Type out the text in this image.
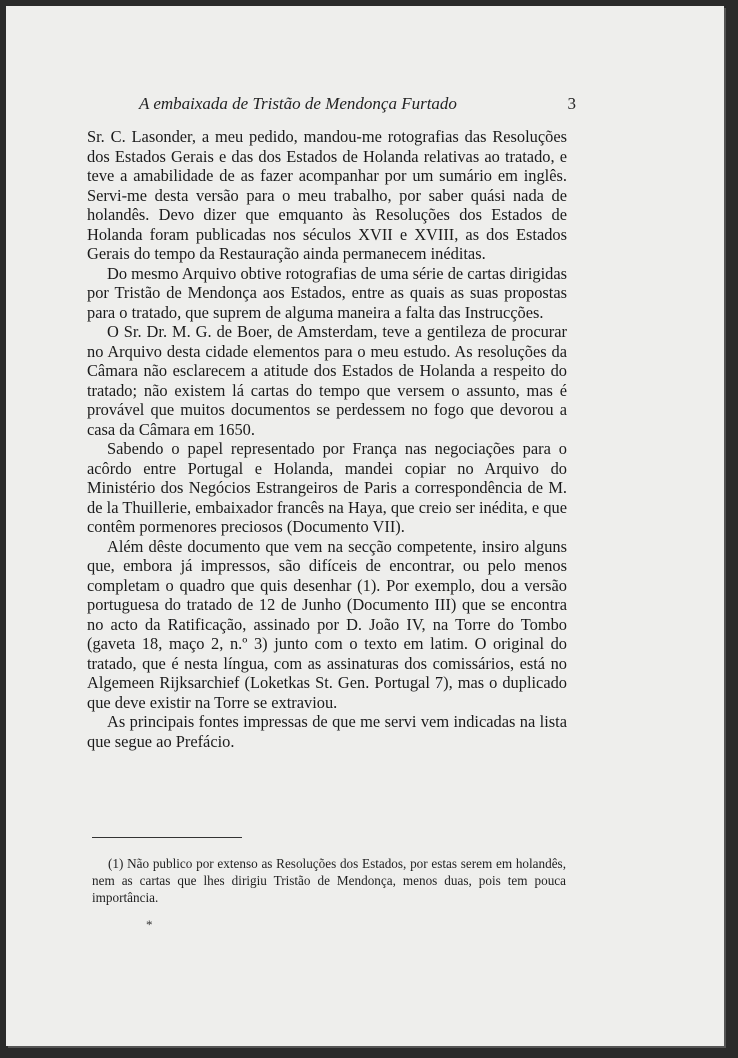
A embaixada de Tristão de Mendonça Furtado	3

Sr. C. Lasonder, a meu pedido, mandou-me rotografias das Resoluções dos Estados Gerais e das dos Estados de Holanda relativas ao tratado, e teve a amabilidade de as fazer acompanhar por um sumário em inglês. Servi-me desta versão para o meu trabalho, por saber quási nada de holandês. Devo dizer que emquanto às Resoluções dos Estados de Holanda foram publicadas nos séculos XVII e XVIII, as dos Estados Gerais do tempo da Restauração ainda permanecem inéditas.

Do mesmo Arquivo obtive rotografias de uma série de cartas dirigidas por Tristão de Mendonça aos Estados, entre as quais as suas propostas para o tratado, que suprem de alguma maneira a falta das Instrucções.

O Sr. Dr. M. G. de Boer, de Amsterdam, teve a gentileza de procurar no Arquivo desta cidade elementos para o meu estudo. As resoluções da Câmara não esclarecem a atitude dos Estados de Holanda a respeito do tratado; não existem lá cartas do tempo que versem o assunto, mas é provável que muitos documentos se perdessem no fogo que devorou a casa da Câmara em 1650.

Sabendo o papel representado por França nas negociações para o acôrdo entre Portugal e Holanda, mandei copiar no Arquivo do Ministério dos Negócios Estrangeiros de Paris a correspondência de M. de la Thuillerie, embaixador francês na Haya, que creio ser inédita, e que contêm pormenores preciosos (Documento VII).

Além dêste documento que vem na secção competente, insiro alguns que, embora já impressos, são difíceis de encontrar, ou pelo menos completam o quadro que quis desenhar (1). Por exemplo, dou a versão portuguesa do tratado de 12 de Junho (Documento III) que se encontra no acto da Ratificação, assinado por D. João IV, na Torre do Tombo (gaveta 18, maço 2, n.º 3) junto com o texto em latim. O original do tratado, que é nesta língua, com as assinaturas dos comissários, está no Algemeen Rijksarchief (Loketkas St. Gen. Portugal 7), mas o duplicado que deve existir na Torre se extraviou.

As principais fontes impressas de que me servi vem indicadas na lista que segue ao Prefácio.

(1) Não publico por extenso as Resoluções dos Estados, por estas serem em holandês, nem as cartas que lhes dirigiu Tristão de Mendonça, menos duas, pois tem pouca importância.
*
